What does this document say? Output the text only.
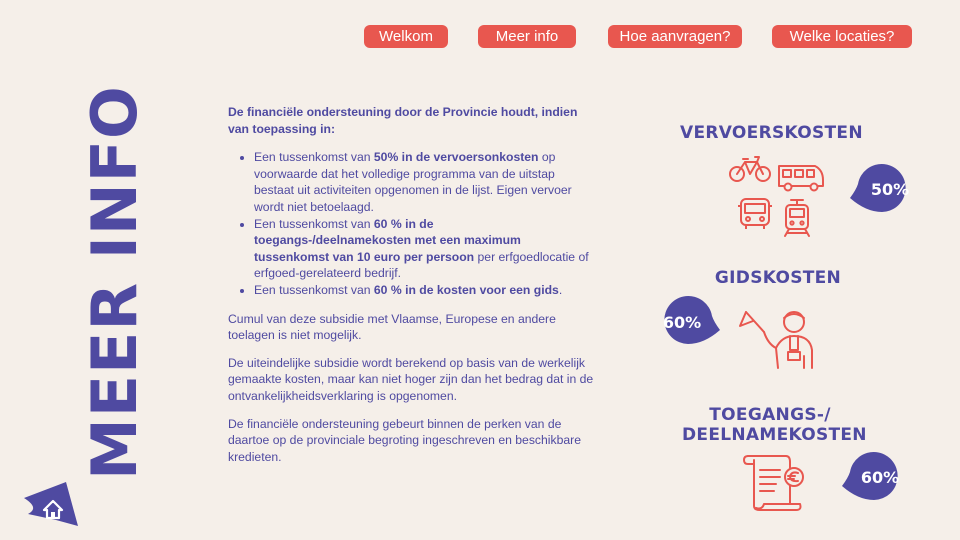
Welkom	Meer info	Hoe aanvragen?	Welke locaties?
MEER INFO	De financiële ondersteuning door de Provincie houdt, indien van toepassing in:
• Een tussenkomst van 50% in de vervoersonkosten op voorwaarde dat het volledige programma van de uitstap bestaat uit activiteiten opgenomen in de lijst. Eigen vervoer wordt niet betoelaagd.
• Een tussenkomst van 60 % in de toegangs-/deelnamekosten met een maximum tussenkomst van 10 euro per persoon per erfgoedlocatie of erfgoed-gerelateerd bedrijf.
• Een tussenkomst van 60 % in de kosten voor een gids.

Cumul van deze subsidie met Vlaamse, Europese en andere toelagen is niet mogelijk.

De uiteindelijke subsidie wordt berekend op basis van de werkelijk gemaakte kosten, maar kan niet hoger zijn dan het bedrag dat in de ontvankelijkheidsverklaring is opgenomen.

De financiële ondersteuning gebeurt binnen de perken van de daartoe op de provinciale begroting ingeschreven en beschikbare kredieten.

VERVOERSKOSTEN
50%
GIDSKOSTEN
60%
TOEGANGS-/
DEELNAMEKOSTEN
60%
